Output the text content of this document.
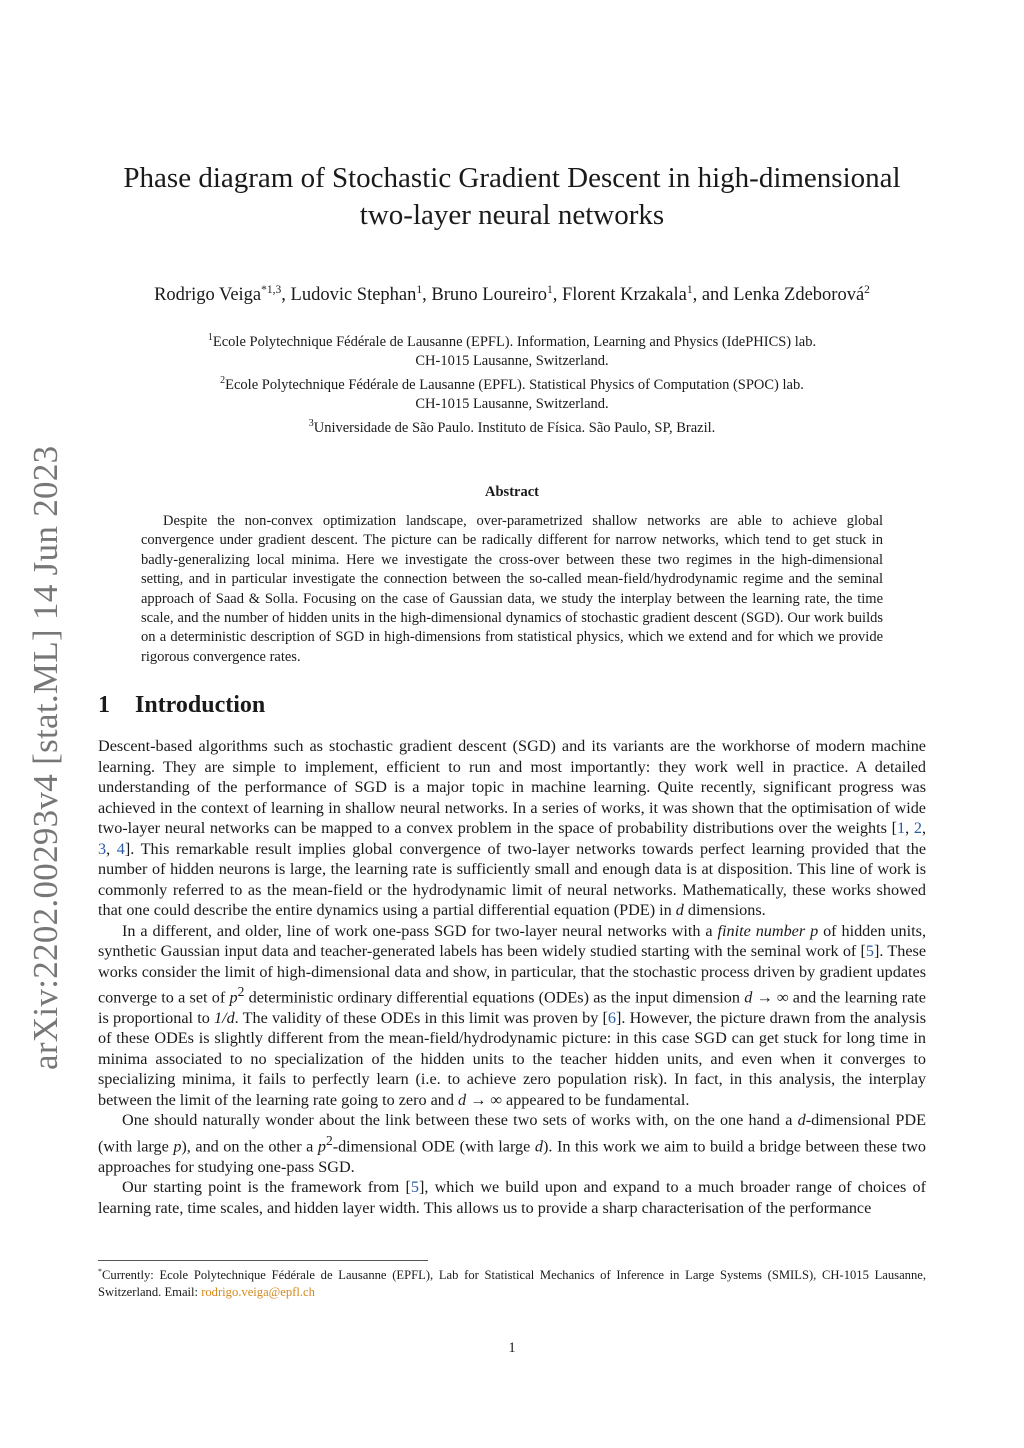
arXiv:2202.00293v4 [stat.ML] 14 Jun 2023
Phase diagram of Stochastic Gradient Descent in high-dimensional
two-layer neural networks
Rodrigo Veiga$^{*1,3}$, Ludovic Stephan$^1$, Bruno Loureiro$^1$, Florent Krzakala$^1$, and Lenka Zdeborová$^2$
$^1$Ecole Polytechnique Fédérale de Lausanne (EPFL). Information, Learning and Physics (IdePHICS) lab.
CH-1015 Lausanne, Switzerland.
$^2$Ecole Polytechnique Fédérale de Lausanne (EPFL). Statistical Physics of Computation (SPOC) lab.
CH-1015 Lausanne, Switzerland.
$^3$Universidade de São Paulo. Instituto de Física. São Paulo, SP, Brazil.
Abstract

Despite the non-convex optimization landscape, over-parametrized shallow networks are able to achieve global convergence under gradient descent. The picture can be radically different for narrow networks, which tend to get stuck in badly-generalizing local minima. Here we investigate the cross-over between these two regimes in the high-dimensional setting, and in particular investigate the connection between the so-called mean-field/hydrodynamic regime and the seminal approach of Saad & Solla. Focusing on the case of Gaussian data, we study the interplay between the learning rate, the time scale, and the number of hidden units in the high-dimensional dynamics of stochastic gradient descent (SGD). Our work builds on a deterministic description of SGD in high-dimensions from statistical physics, which we extend and for which we provide rigorous convergence rates.

1 Introduction

Descent-based algorithms such as stochastic gradient descent (SGD) and its variants are the workhorse of modern machine learning. They are simple to implement, efficient to run and most importantly: they work well in practice. A detailed understanding of the performance of SGD is a major topic in machine learning. Quite recently, significant progress was achieved in the context of learning in shallow neural networks. In a series of works, it was shown that the optimisation of wide two-layer neural networks can be mapped to a convex problem in the space of probability distributions over the weights [1, 2, 3, 4]. This remarkable result implies global convergence of two-layer networks towards perfect learning provided that the number of hidden neurons is large, the learning rate is sufficiently small and enough data is at disposition. This line of work is commonly referred to as the mean-field or the hydrodynamic limit of neural networks. Mathematically, these works showed that one could describe the entire dynamics using a partial differential equation (PDE) in d dimensions.

In a different, and older, line of work one-pass SGD for two-layer neural networks with a finite number p of hidden units, synthetic Gaussian input data and teacher-generated labels has been widely studied starting with the seminal work of [5]. These works consider the limit of high-dimensional data and show, in particular, that the stochastic process driven by gradient updates converge to a set of $p^2$ deterministic ordinary differential equations (ODEs) as the input dimension d → ∞ and the learning rate is proportional to 1/d. The validity of these ODEs in this limit was proven by [6]. However, the picture drawn from the analysis of these ODEs is slightly different from the mean-field/hydrodynamic picture: in this case SGD can get stuck for long time in minima associated to no specialization of the hidden units to the teacher hidden units, and even when it converges to specializing minima, it fails to perfectly learn (i.e. to achieve zero population risk). In fact, in this analysis, the interplay between the limit of the learning rate going to zero and d → ∞ appeared to be fundamental.

One should naturally wonder about the link between these two sets of works with, on the one hand a d-dimensional PDE (with large p), and on the other a $p^2$-dimensional ODE (with large d). In this work we aim to build a bridge between these two approaches for studying one-pass SGD.

Our starting point is the framework from [5], which we build upon and expand to a much broader range of choices of learning rate, time scales, and hidden layer width. This allows us to provide a sharp characterisation of the performance

*Currently: Ecole Polytechnique Fédérale de Lausanne (EPFL), Lab for Statistical Mechanics of Inference in Large Systems (SMILS), CH-1015 Lausanne, Switzerland. Email: rodrigo.veiga@epfl.ch
1
